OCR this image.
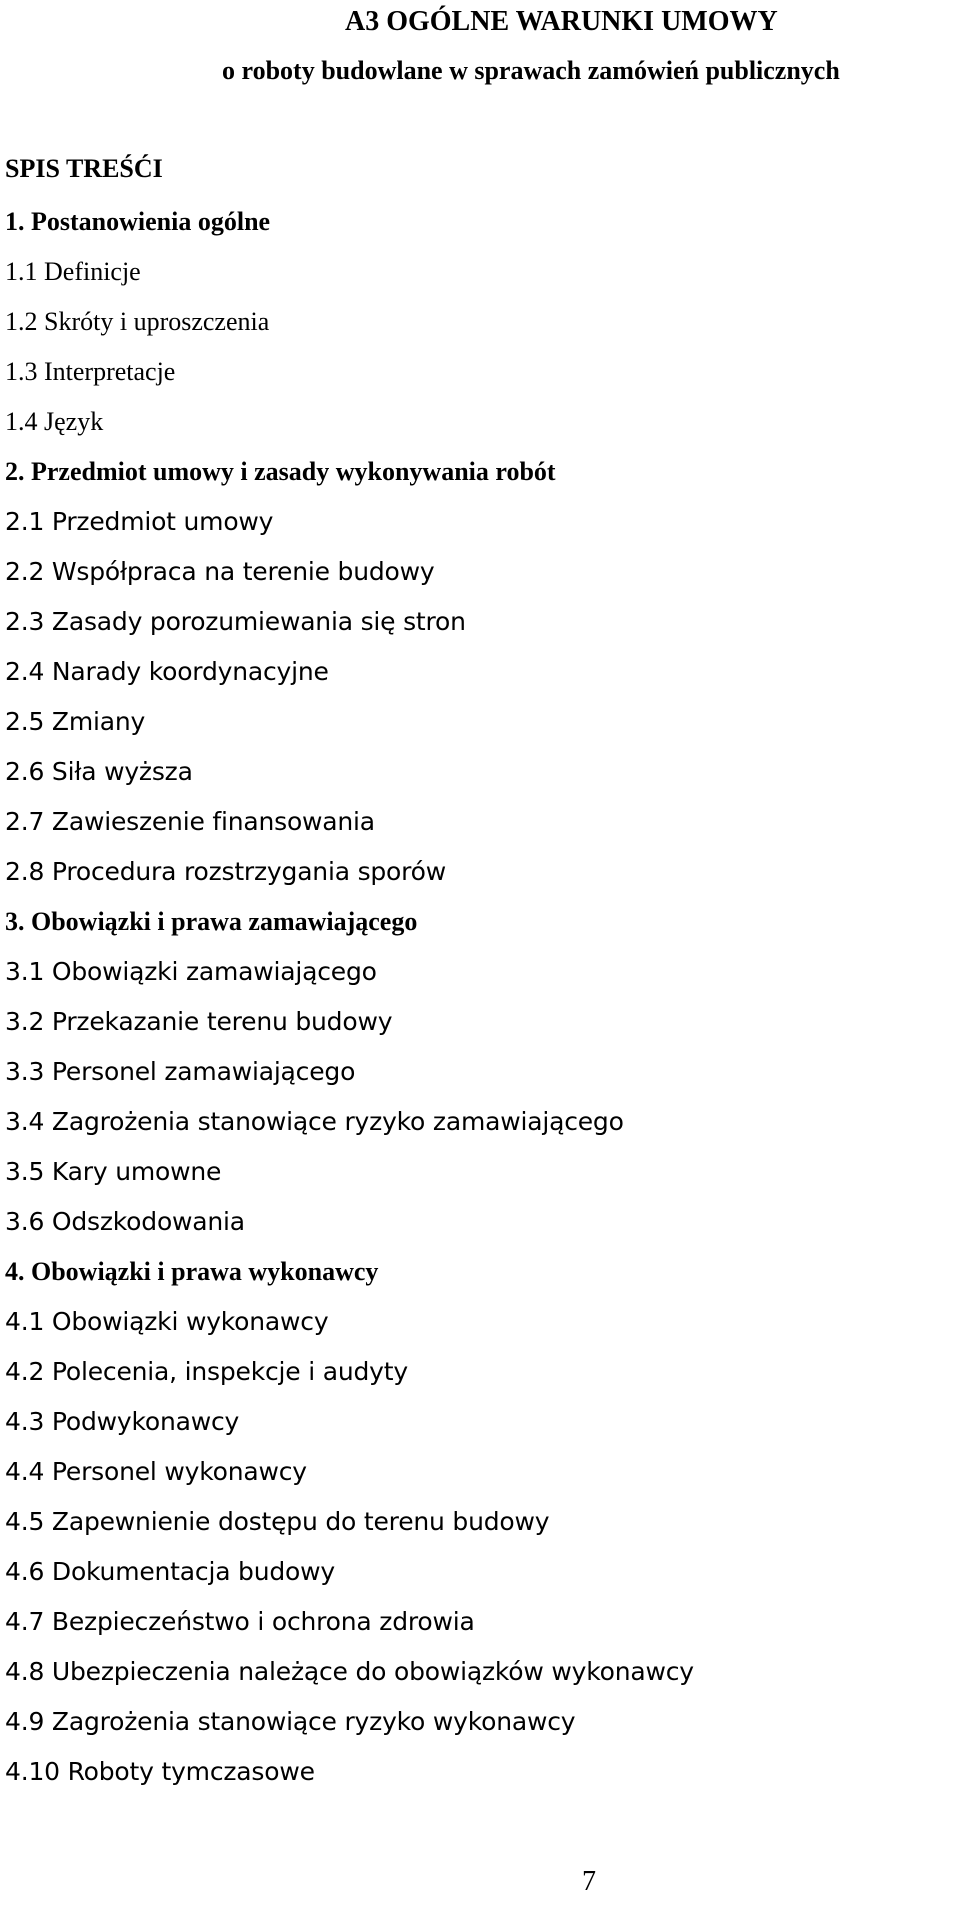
A3 OGÓLNE WARUNKI UMOWY
o roboty budowlane w sprawach zamówień publicznych
SPIS TREŚĆI
1. Postanowienia ogólne
1.1 Definicje
1.2 Skróty i uproszczenia
1.3 Interpretacje
1.4 Język
2. Przedmiot umowy i zasady wykonywania robót
2.1 Przedmiot umowy
2.2 Współpraca na terenie budowy
2.3 Zasady porozumiewania się stron
2.4 Narady koordynacyjne
2.5 Zmiany
2.6 Siła wyższa
2.7 Zawieszenie finansowania
2.8 Procedura rozstrzygania sporów
3. Obowiązki i prawa zamawiającego
3.1 Obowiązki zamawiającego
3.2 Przekazanie terenu budowy
3.3 Personel zamawiającego
3.4 Zagrożenia stanowiące ryzyko zamawiającego
3.5 Kary umowne
3.6 Odszkodowania
4. Obowiązki i prawa wykonawcy
4.1 Obowiązki wykonawcy
4.2 Polecenia, inspekcje i audyty
4.3 Podwykonawcy
4.4 Personel wykonawcy
4.5 Zapewnienie dostępu do terenu budowy
4.6 Dokumentacja budowy
4.7 Bezpieczeństwo i ochrona zdrowia
4.8 Ubezpieczenia należące do obowiązków wykonawcy
4.9 Zagrożenia stanowiące ryzyko wykonawcy
4.10 Roboty tymczasowe
7
